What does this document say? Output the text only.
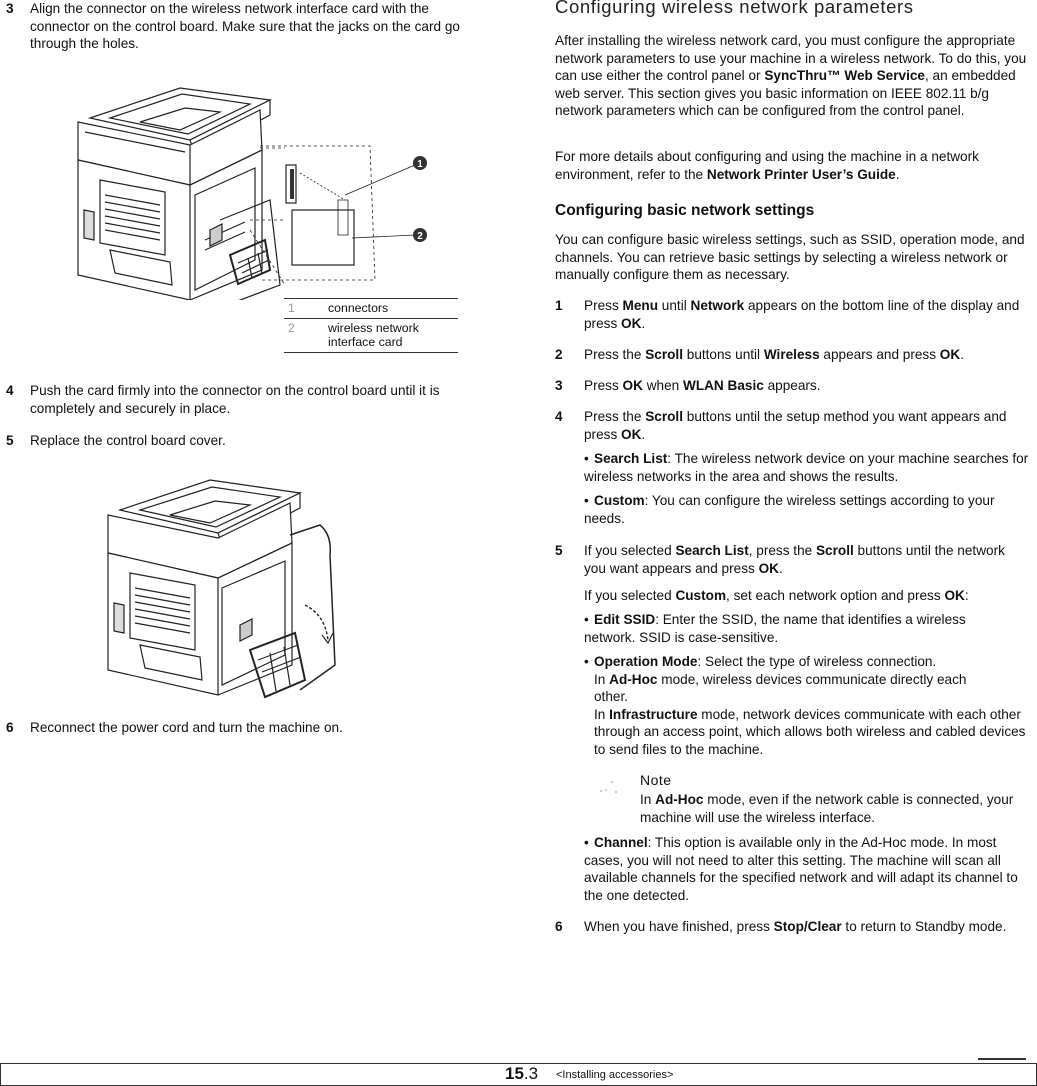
3 Align the connector on the wireless network interface card with the connector on the control board. Make sure that the jacks on the card go through the holes.

1
2
1	connectors
2	wireless network interface card
4 Push the card firmly into the connector on the control board until it is completely and securely in place.

5 Replace the control board cover.

6 Reconnect the power cord and turn the machine on.

Configuring wireless network parameters

After installing the wireless network card, you must configure the appropriate network parameters to use your machine in a wireless network. To do this, you can use either the control panel or SyncThru™ Web Service, an embedded web server. This section gives you basic information on IEEE 802.11 b/g network parameters which can be configured from the control panel.

For more details about configuring and using the machine in a network environment, refer to the Network Printer User’s Guide.

Configuring basic network settings

You can configure basic wireless settings, such as SSID, operation mode, and channels. You can retrieve basic settings by selecting a wireless network or manually configure them as necessary.

1 Press Menu until Network appears on the bottom line of the display and press OK.

2 Press the Scroll buttons until Wireless appears and press OK.

3 Press OK when WLAN Basic appears.

4 Press the Scroll buttons until the setup method you want appears and press OK.

• Search List: The wireless network device on your machine searches for wireless networks in the area and shows the results.
• Custom: You can configure the wireless settings according to your needs.
5 If you selected Search List, press the Scroll buttons until the network you want appears and press OK.

If you selected Custom, set each network option and press OK:

• Edit SSID: Enter the SSID, the name that identifies a wireless network. SSID is case-sensitive.
• Operation Mode: Select the type of wireless connection.
In Ad-Hoc mode, wireless devices communicate directly each other.
In Infrastructure mode, network devices communicate with each other through an access point, which allows both wireless and cabled devices to send files to the machine.
Note

In Ad-Hoc mode, even if the network cable is connected, your machine will use the wireless interface.

• Channel: This option is available only in the Ad-Hoc mode. In most cases, you will not need to alter this setting. The machine will scan all available channels for the specified network and will adapt its channel to the one detected.
6 When you have finished, press Stop/Clear to return to Standby mode.

15.3 <Installing accessories>
